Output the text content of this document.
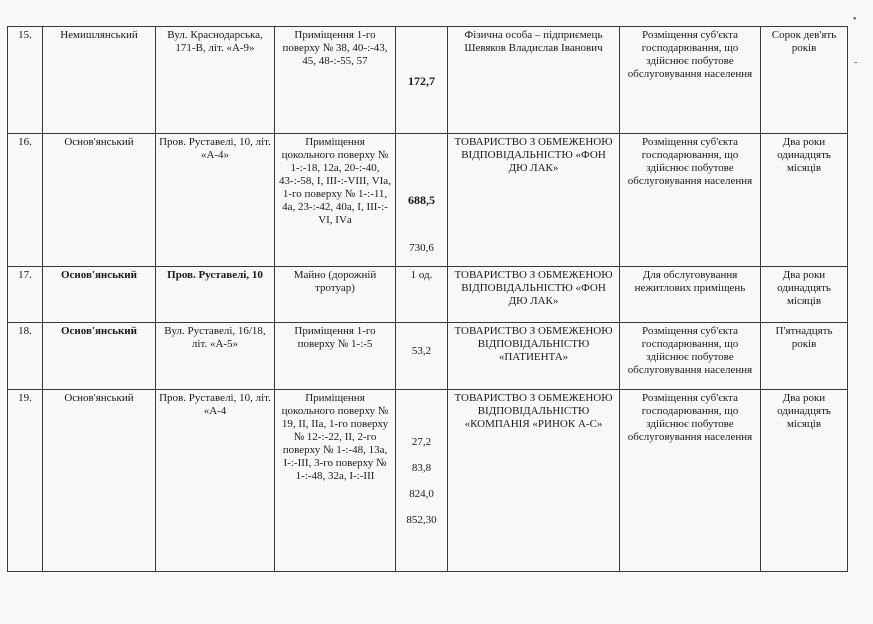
15.	Немишлянський	Вул. Краснодарська, 171-В, літ. «А-9»	Приміщення 1-го поверху № 38, 40-:-43, 45, 48-:-55, 57	172,7	Фізична особа – підприємець Шевяков Владислав Іванович	Розміщення суб'єкта господарювання, що здійснює побутове обслуговування населення	Сорок дев'ять років
16.	Основ'янський	Пров. Руставелі, 10, літ. «А-4»	Приміщення цокольного поверху № 1-:-18, 12а, 20-:-40, 43-:-58, І, ІІІ-:-VIII, VІа, 1-го поверху № 1-:-11, 4а, 23-:-42, 40а, І, ІІІ-:-VІ, ІVа	688,5
730,6	ТОВАРИСТВО З ОБМЕЖЕНОЮ ВІДПОВІДАЛЬНІСТЮ «ФОН ДЮ ЛАК»	Розміщення суб'єкта господарювання, що здійснює побутове обслуговування населення	Два роки одинадцять місяців
17.	Основ'янський	Пров. Руставелі, 10	Майно (дорожній тротуар)	1 од.	ТОВАРИСТВО З ОБМЕЖЕНОЮ ВІДПОВІДАЛЬНІСТЮ «ФОН ДЮ ЛАК»	Для обслуговування нежитлових приміщень	Два роки одинадцять місяців
18.	Основ'янський	Вул. Руставелі, 16/18, літ. «А-5»	Приміщення 1-го поверху № 1-:-5	53,2	ТОВАРИСТВО З ОБМЕЖЕНОЮ ВІДПОВІДАЛЬНІСТЮ «ПАТИЕНТА»	Розміщення суб'єкта господарювання, що здійснює побутове обслуговування населення	П'ятнадцять років
19.	Основ'янський	Пров. Руставелі, 10, літ. «А-4	Приміщення цокольного поверху № 19, ІІ, ІІа, 1-го поверху № 12-:-22, ІІ, 2-го поверху № 1-:-48, 13а, І-:-ІІІ, 3-го поверху № 1-:-48, 32а, І-:-ІІІ	27,2
83,8
824,0
852,30	ТОВАРИСТВО З ОБМЕЖЕНОЮ ВІДПОВІДАЛЬНІСТЮ «КОМПАНІЯ «РИНОК А-С»	Розміщення суб'єкта господарювання, що здійснює побутове обслуговування населення	Два роки одинадцять місяців
•
-
